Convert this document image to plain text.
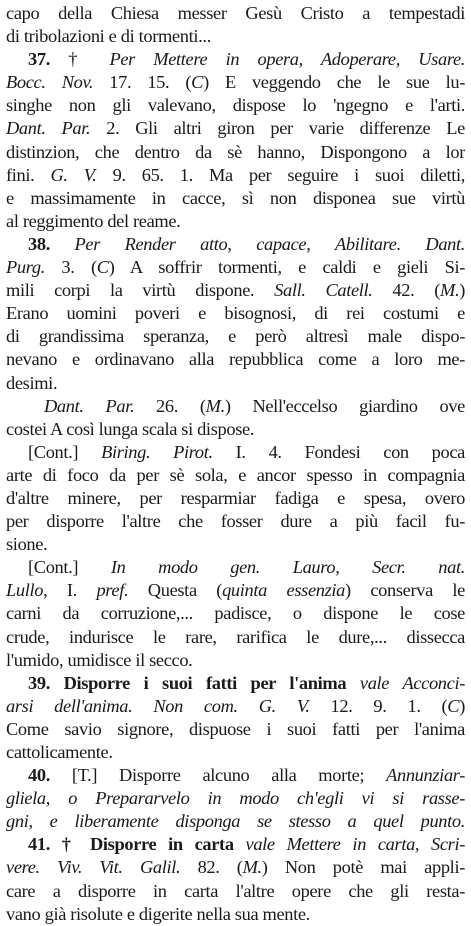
capo della Chiesa messer Gesù Cristo a tempestadi
di tribolazioni e di tormenti...
37. † Per Mettere in opera, Adoperare, Usare.
Bocc. Nov. 17. 15. (C) E veggendo che le sue lu-
singhe non gli valevano, dispose lo 'ngegno e l'arti.
Dant. Par. 2. Gli altri giron per varie differenze Le
distinzion, che dentro da sè hanno, Dispongono a lor
fini. G. V. 9. 65. 1. Ma per seguire i suoi diletti,
e massimamente in cacce, sì non disponea sue virtù
al reggimento del reame.
38. Per Render atto, capace, Abilitare. Dant.
Purg. 3. (C) A soffrir tormenti, e caldi e gieli Si-
mili corpi la virtù dispone. Sall. Catell. 42. (M.)
Erano uomini poveri e bisognosi, di rei costumi e
di grandissima speranza, e però altresì male dispo-
nevano e ordinavano alla repubblica come a loro me-
desimi.
Dant. Par. 26. (M.) Nell'eccelso giardino ove
costei A così lunga scala si dispose.
[Cont.] Biring. Pirot. I. 4. Fondesi con poca
arte di foco da per sè sola, e ancor spesso in compagnia
d'altre minere, per resparmiar fadiga e spesa, overo
per disporre l'altre che fosser dure a più facil fu-
sione.
[Cont.] In modo gen. Lauro, Secr. nat.
Lullo, I. pref. Questa (quinta essenzia) conserva le
carni da corruzione,... padisce, o dispone le cose
crude, indurisce le rare, rarifica le dure,... dissecca
l'umido, umidisce il secco.
39. Disporre i suoi fatti per l'anima vale Acconci-
arsi dell'anima. Non com. G. V. 12. 9. 1. (C)
Come savio signore, dispuose i suoi fatti per l'anima
cattolicamente.
40. [T.] Disporre alcuno alla morte; Annunziar-
gliela, o Prepararvelo in modo ch'egli vi si rasse-
gni, e liberamente disponga se stesso a quel punto.
41. † Disporre in carta vale Mettere in carta, Scri-
vere. Viv. Vit. Galil. 82. (M.) Non potè mai appli-
care a disporre in carta l'altre opere che gli resta-
vano già risolute e digerite nella sua mente.
